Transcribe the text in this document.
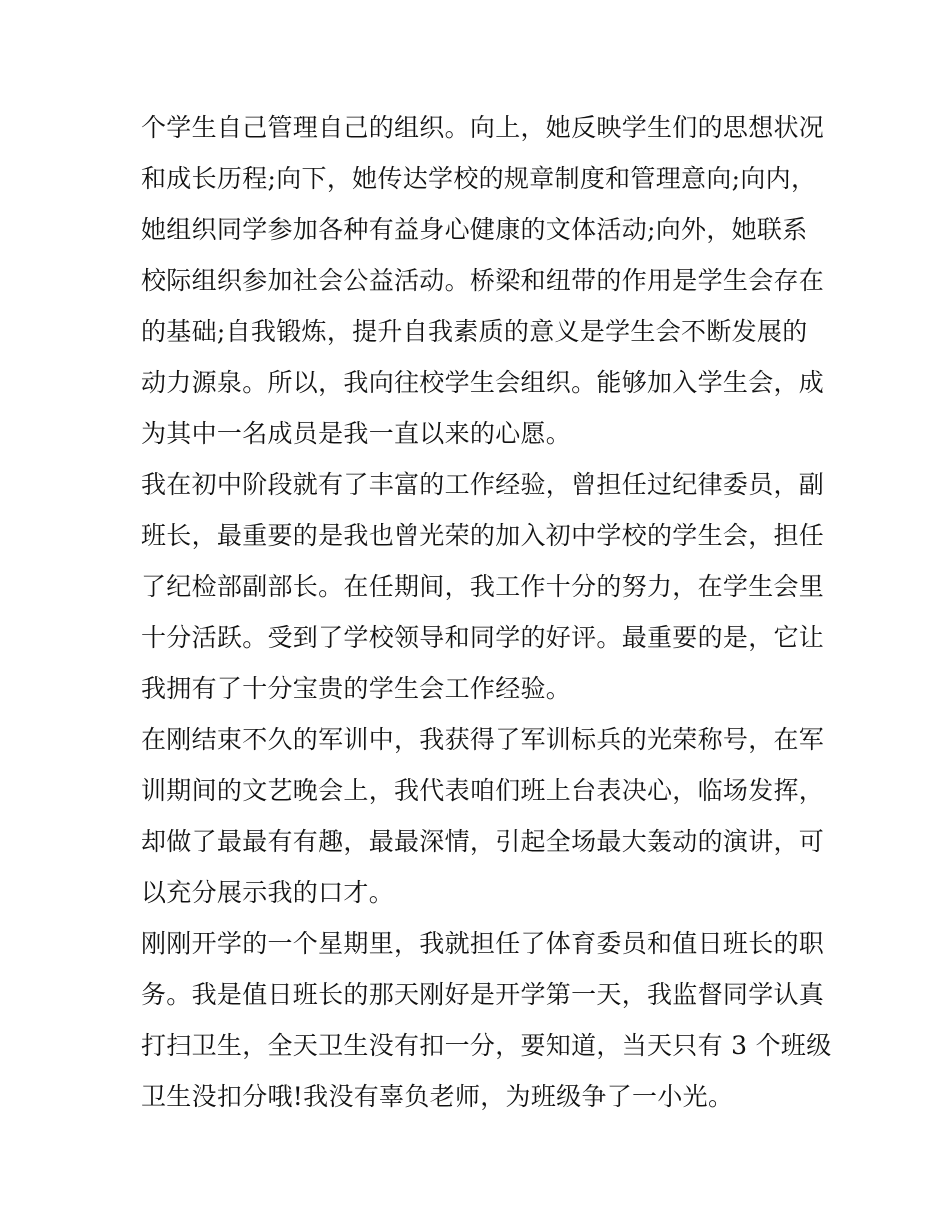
个学生自己管理自己的组织。向上，她反映学生们的思想状况
和成长历程;向下，她传达学校的规章制度和管理意向;向内，
她组织同学参加各种有益身心健康的文体活动;向外，她联系
校际组织参加社会公益活动。桥梁和纽带的作用是学生会存在
的基础;自我锻炼，提升自我素质的意义是学生会不断发展的
动力源泉。所以，我向往校学生会组织。能够加入学生会，成
为其中一名成员是我一直以来的心愿。
我在初中阶段就有了丰富的工作经验，曾担任过纪律委员，副
班长，最重要的是我也曾光荣的加入初中学校的学生会，担任
了纪检部副部长。在任期间，我工作十分的努力，在学生会里
十分活跃。受到了学校领导和同学的好评。最重要的是，它让
我拥有了十分宝贵的学生会工作经验。
在刚结束不久的军训中，我获得了军训标兵的光荣称号，在军
训期间的文艺晚会上，我代表咱们班上台表决心，临场发挥，
却做了最最有有趣，最最深情，引起全场最大轰动的演讲，可
以充分展示我的口才。
刚刚开学的一个星期里，我就担任了体育委员和值日班长的职
务。我是值日班长的那天刚好是开学第一天，我监督同学认真
打扫卫生，全天卫生没有扣一分，要知道，当天只有 3 个班级
卫生没扣分哦!我没有辜负老师，为班级争了一小光。
